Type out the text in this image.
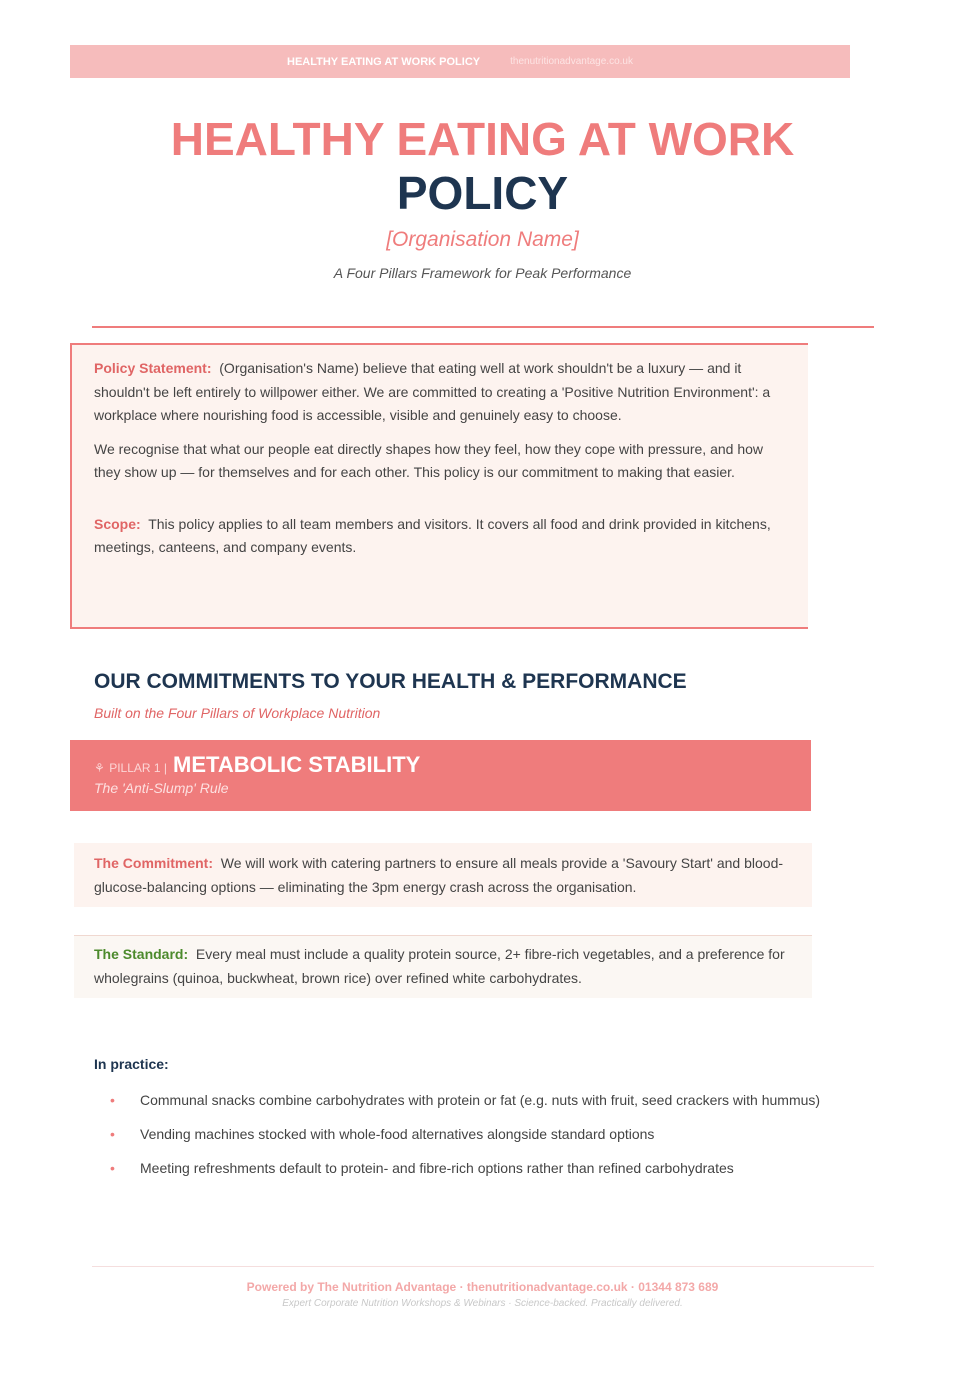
HEALTHY EATING AT WORK POLICY	thenutritionadvantage.co.uk
HEALTHY EATING AT WORK
POLICY
[Organisation Name]
A Four Pillars Framework for Peak Performance

Policy Statement: (Organisation's Name) believe that eating well at work shouldn't be a luxury — and it shouldn't be left entirely to willpower either. We are committed to creating a 'Positive Nutrition Environment': a workplace where nourishing food is accessible, visible and genuinely easy to choose.

We recognise that what our people eat directly shapes how they feel, how they cope with pressure, and how they show up — for themselves and for each other. This policy is our commitment to making that easier.

Scope: This policy applies to all team members and visitors. It covers all food and drink provided in kitchens, meetings, canteens, and company events.

OUR COMMITMENTS TO YOUR HEALTH & PERFORMANCE
Built on the Four Pillars of Workplace Nutrition
⚘ PILLAR 1 | METABOLIC STABILITY
The 'Anti-Slump' Rule
The Commitment: We will work with catering partners to ensure all meals provide a 'Savoury Start' and blood-glucose-balancing options — eliminating the 3pm energy crash across the organisation.
The Standard: Every meal must include a quality protein source, 2+ fibre-rich vegetables, and a preference for wholegrains (quinoa, buckwheat, brown rice) over refined white carbohydrates.
In practice:
• Communal snacks combine carbohydrates with protein or fat (e.g. nuts with fruit, seed crackers with hummus)
• Vending machines stocked with whole-food alternatives alongside standard options
• Meeting refreshments default to protein- and fibre-rich options rather than refined carbohydrates
Powered by The Nutrition Advantage · thenutritionadvantage.co.uk · 01344 873 689
Expert Corporate Nutrition Workshops & Webinars · Science-backed. Practically delivered.
